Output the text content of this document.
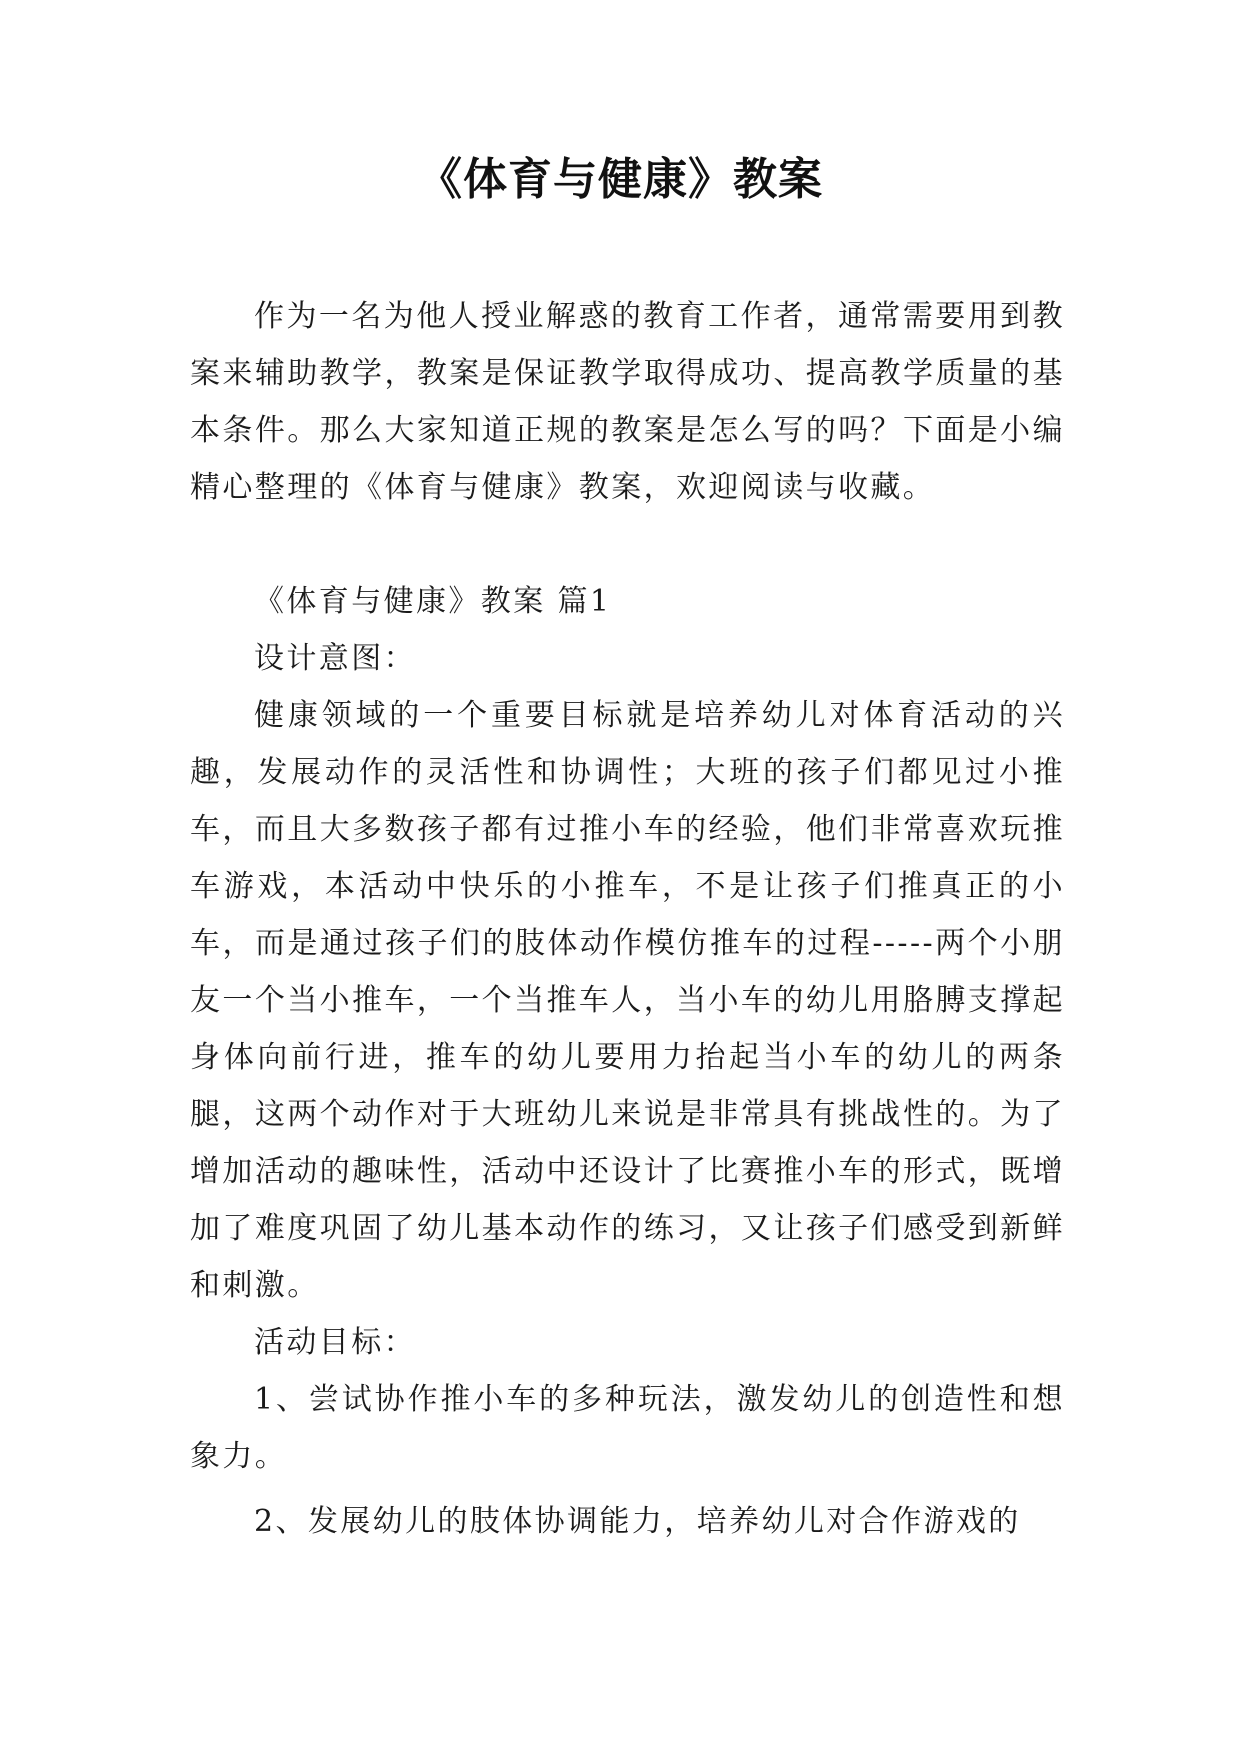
《体育与健康》教案

作为一名为他人授业解惑的教育工作者，通常需要用到教案来辅助教学，教案是保证教学取得成功、提高教学质量的基本条件。那么大家知道正规的教案是怎么写的吗？下面是小编精心整理的《体育与健康》教案，欢迎阅读与收藏。

《体育与健康》教案 篇1

设计意图：

健康领域的一个重要目标就是培养幼儿对体育活动的兴趣，发展动作的灵活性和协调性；大班的孩子们都见过小推车，而且大多数孩子都有过推小车的经验，他们非常喜欢玩推车游戏，本活动中快乐的小推车，不是让孩子们推真正的小车，而是通过孩子们的肢体动作模仿推车的过程-----两个小朋友一个当小推车，一个当推车人，当小车的幼儿用胳膊支撑起身体向前行进，推车的幼儿要用力抬起当小车的幼儿的两条腿，这两个动作对于大班幼儿来说是非常具有挑战性的。为了增加活动的趣味性，活动中还设计了比赛推小车的形式，既增加了难度巩固了幼儿基本动作的练习，又让孩子们感受到新鲜和刺激。

活动目标：

1、尝试协作推小车的多种玩法，激发幼儿的创造性和想象力。

2、发展幼儿的肢体协调能力，培养幼儿对合作游戏的
